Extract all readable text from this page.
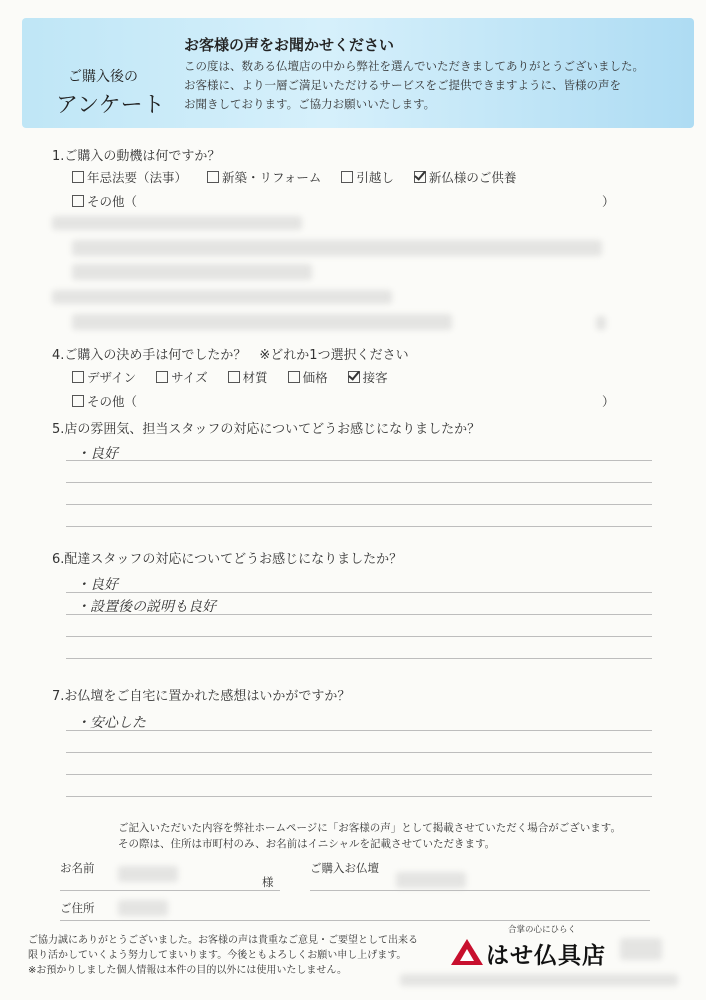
ご購入後の
アンケート
お客様の声をお聞かせください
この度は、数ある仏壇店の中から弊社を選んでいただきましてありがとうございました。
お客様に、より一層ご満足いただけるサービスをご提供できますように、皆様の声を
お聞きしております。ご協力お願いいたします。
1.ご購入の動機は何ですか？
年忌法要（法事）	新築・リフォーム	引越し	新仏様のご供養
その他（	）
4.ご購入の決め手は何でしたか？　※どれか1つ選択ください
デザイン	サイズ	材質	価格	接客
その他（	）
5.店の雰囲気、担当スタッフの対応についてどうお感じになりましたか？
・良好
6.配達スタッフの対応についてどうお感じになりましたか？
・良好
・設置後の説明も良好
7.お仏壇をご自宅に置かれた感想はいかがですか？
・安心した
ご記入いただいた内容を弊社ホームページに「お客様の声」として掲載させていただく場合がございます。
その際は、住所は市町村のみ、お名前はイニシャルを記載させていただきます。
お名前
様
ご購入お仏壇
ご住所
ご協力誠にありがとうございました。お客様の声は貴重なご意見・ご要望として出来る
限り活かしていくよう努力してまいります。今後ともよろしくお願い申し上げます。
※お預かりしました個人情報は本件の目的以外には使用いたしません。
合掌の心にひらく
はせ仏具店
